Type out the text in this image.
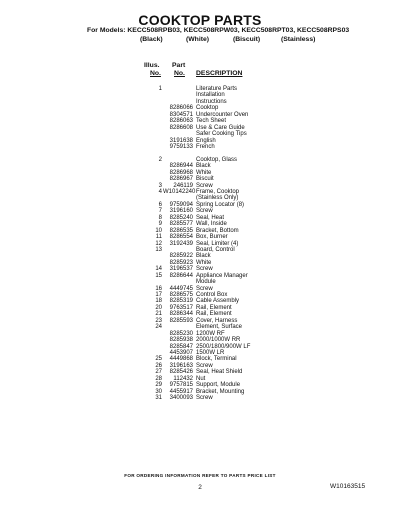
COOKTOP PARTS
For Models: KECC508RPB03, KECC508RPW03, KECC508RPT03, KECC508RPS03
(Black)	(White)	(Biscuit)	(Stainless)
Illus.
No.
Part
No. DESCRIPTION
1	Literature Parts
Installation
Instructions
8286066 Cooktop
8304571 Undercounter Oven
8286063 Tech Sheet
8286608 Use & Care Guide
Safer Cooking Tips
3191638 English
9759133 French
2	Cooktop, Glass
8286944 Black
8286968 White
8286967 Biscuit
3	246119 Screw
4 W10142240 Frame, Cooktop
(Stainless Only)
6	9759094 Spring Locator (8)
7	3196160 Screw
8	8285240 Seal, Heat
9	8285577 Wall, Inside
10	8286535 Bracket, Bottom
11	8286554 Box, Burner
12	3192439 Seal, Limiter (4)
13	Board, Control
8285922 Black
8285923 White
14	3196537 Screw
15	8286644 Appliance Manager
Module
16	4449745 Screw
17	8286575 Control Box
18	8285319 Cable Assembly
20	9763517 Rail, Element
21	8286344 Rail, Element
23	8285593 Cover, Harness
24	Element, Surface
8285230 1200W RF
8285938 2000/1000W RR
8285847 2500/1800/900W LF
4453907 1500W LR
25	4449868 Block, Terminal
26	3196163 Screw
27	8285426 Seal, Heat Shield
28	112432 Nut
29	9757815 Support, Module
30	4455917 Bracket, Mounting
31	3400093 Screw
FOR ORDERING INFORMATION REFER TO PARTS PRICE LIST
2	W10163515
